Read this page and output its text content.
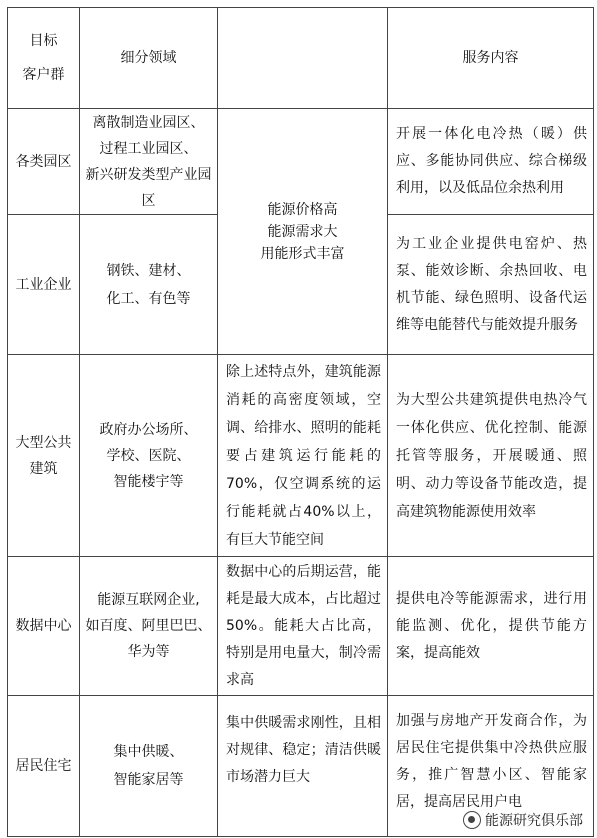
目标
客户群	细分领域		服务内容

各类园区	离散制造业园区、
过程工业园区、
新兴研发类型产业园区	能源价格高
能源需求大
用能形式丰富	开展一体化电冷热（暖）供应、多能协同供应、综合梯级利用，以及低品位余热利用

工业企业	钢铁、建材、
化工、有色等		为工业企业提供电窑炉、热泵、能效诊断、余热回收、电机节能、绿色照明、设备代运维等电能替代与能效提升服务

大型公共
建筑	政府办公场所、
学校、医院、
智能楼宇等	除上述特点外，建筑能源消耗的高密度领域，空调、给排水、照明的能耗要占建筑运行能耗的70%，仅空调系统的运行能耗就占40%以上，有巨大节能空间	为大型公共建筑提供电热冷气一体化供应、优化控制、能源托管等服务，开展暖通、照明、动力等设备节能改造，提高建筑物能源使用效率

数据中心	能源互联网企业,
如百度、阿里巴巴、
华为等	数据中心的后期运营，能耗是最大成本，占比超过50%。能耗大占比高，特别是用电量大，制冷需求高	提供电冷等能源需求，进行用能监测、优化，提供节能方案，提高能效

居民住宅	集中供暖、
智能家居等	集中供暖需求刚性，且相对规律、稳定；清洁供暖市场潜力巨大	加强与房地产开发商合作，为居民住宅提供集中冷热供应服务，推广智慧小区、智能家居，提高居民用户电
能源研究俱乐部
